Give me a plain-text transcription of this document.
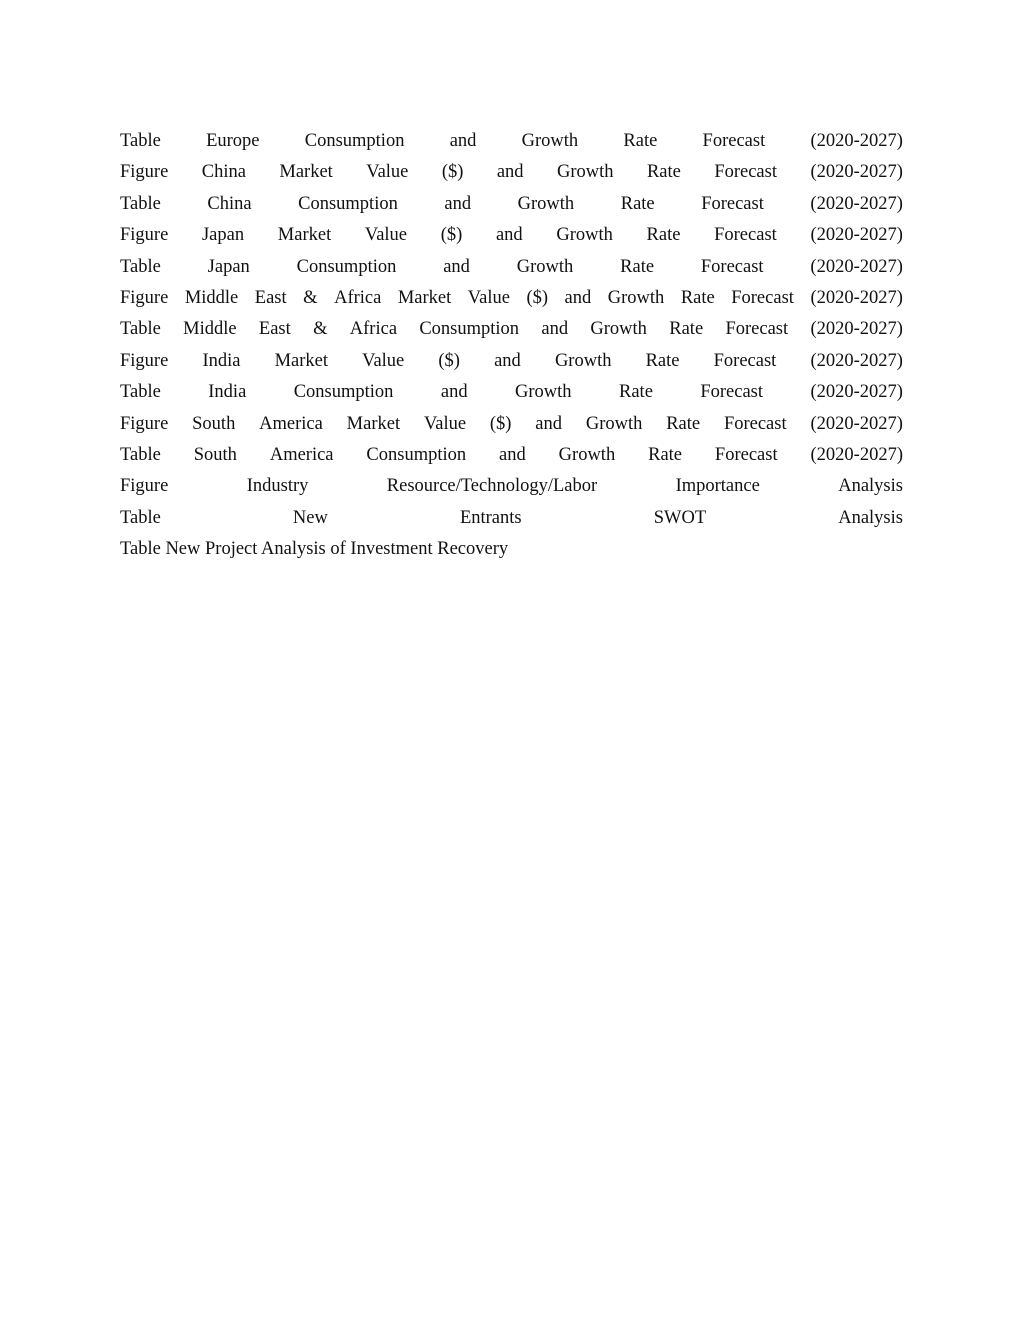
Table Europe Consumption and Growth Rate Forecast (2020-2027)
Figure China Market Value ($) and Growth Rate Forecast (2020-2027)
Table	China	Consumption	and	Growth	Rate	Forecast	(2020-2027)
Figure Japan Market Value ($) and Growth Rate Forecast (2020-2027)
Table	Japan	Consumption	and	Growth	Rate	Forecast	(2020-2027)
Figure Middle East & Africa Market Value ($) and Growth Rate Forecast (2020-2027)
Table Middle East & Africa Consumption and Growth Rate Forecast (2020-2027)
Figure India Market Value ($) and Growth Rate Forecast (2020-2027)
Table	India	Consumption	and	Growth	Rate	Forecast	(2020-2027)
Figure South America Market Value ($) and Growth Rate Forecast (2020-2027)
Table South America Consumption and Growth Rate Forecast (2020-2027)
Figure	Industry	Resource/Technology/Labor	Importance	Analysis
Table	New	Entrants	SWOT	Analysis
Table New Project Analysis of Investment Recovery
